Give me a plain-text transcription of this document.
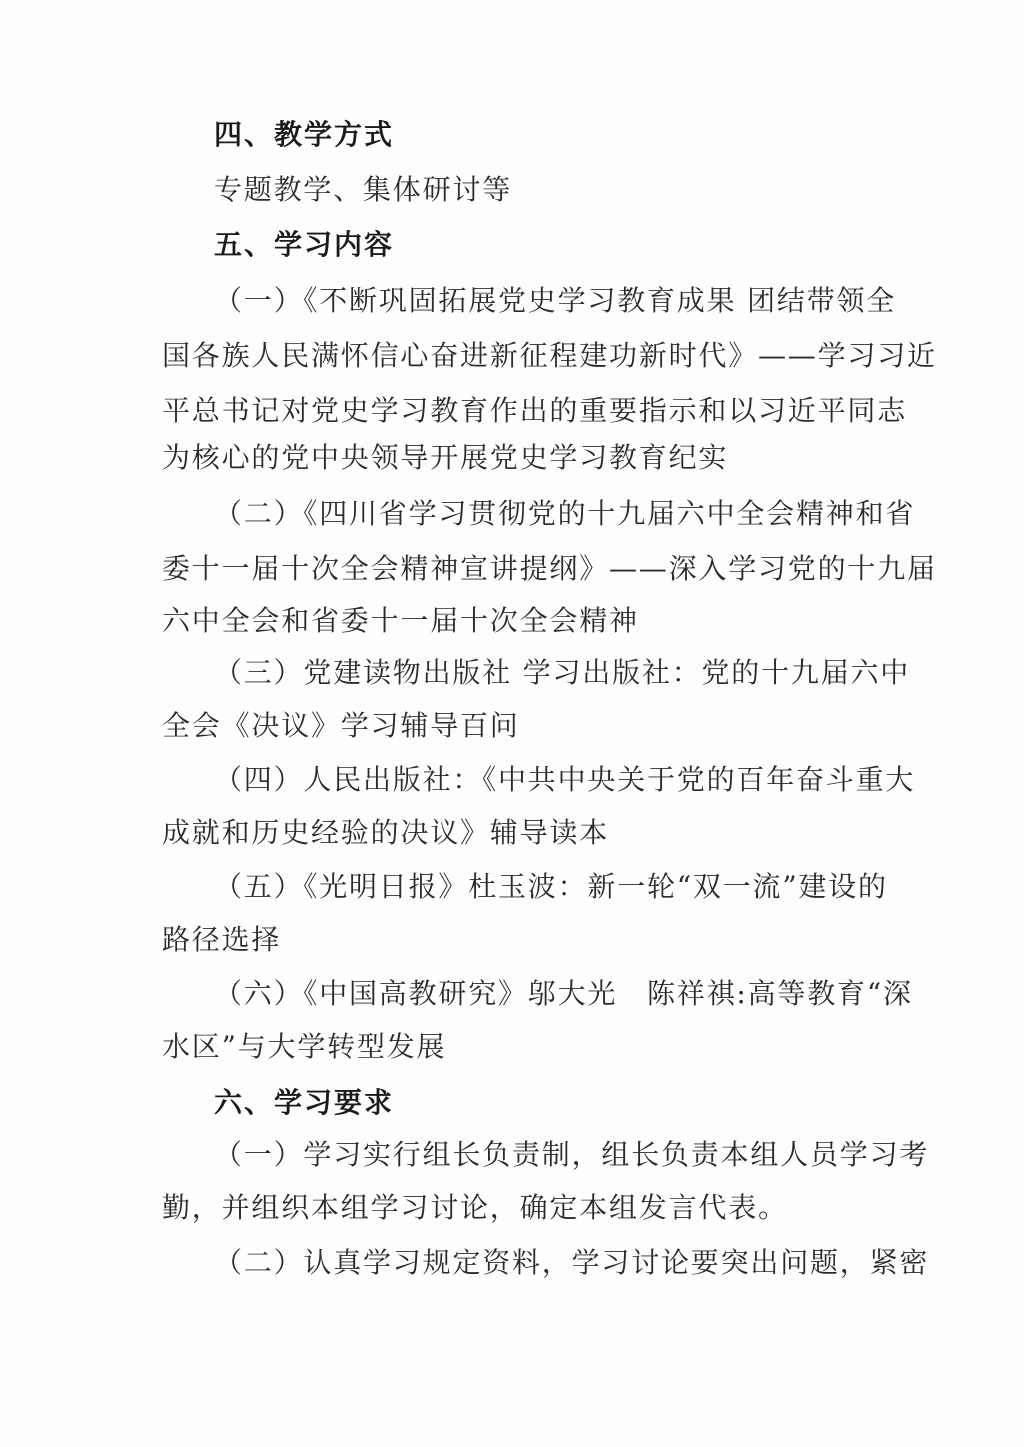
四、教学方式
专题教学、集体研讨等
五、学习内容
（一）《不断巩固拓展党史学习教育成果 团结带领全
国各族人民满怀信心奋进新征程建功新时代》——学习习近
平总书记对党史学习教育作出的重要指示和以习近平同志
为核心的党中央领导开展党史学习教育纪实
（二）《四川省学习贯彻党的十九届六中全会精神和省
委十一届十次全会精神宣讲提纲》——深入学习党的十九届
六中全会和省委十一届十次全会精神
（三）党建读物出版社 学习出版社：党的十九届六中
全会《决议》学习辅导百问
（四）人民出版社：《中共中央关于党的百年奋斗重大
成就和历史经验的决议》辅导读本
（五）《光明日报》杜玉波：新一轮“双一流”建设的
路径选择
（六）《中国高教研究》邬大光　陈祥祺:高等教育“深
水区”与大学转型发展
六、学习要求
（一）学习实行组长负责制，组长负责本组人员学习考
勤，并组织本组学习讨论，确定本组发言代表。
（二）认真学习规定资料，学习讨论要突出问题，紧密
